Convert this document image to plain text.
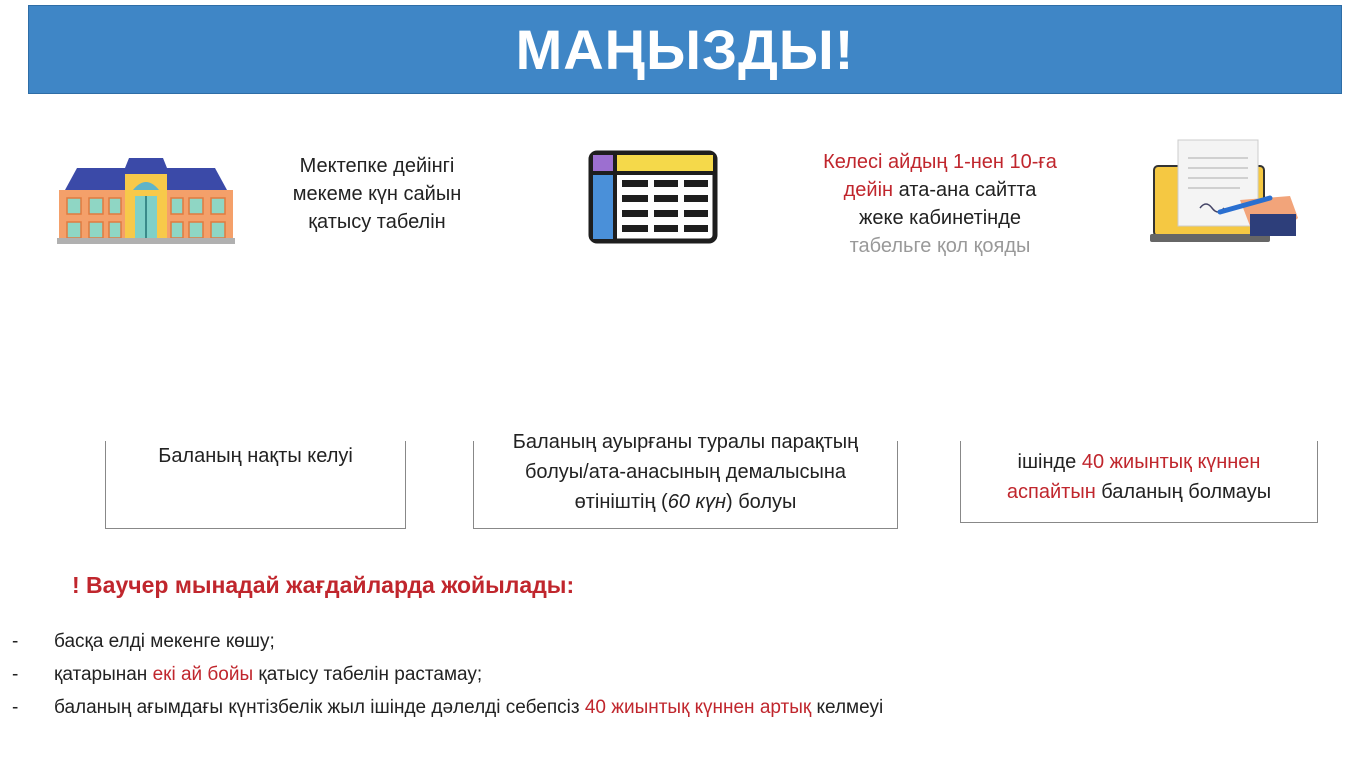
МАҢЫЗДЫ!
Мектепке дейінгі
мекеме күн сайын
қатысу табелін
Келесі айдың 1-нен 10-ға
дейін ата-ана сайтта
жеке кабинетінде
табельге қол қояды
Баланың нақты келуі
Баланың ауырғаны туралы парақтың
болуы/ата-анасының демалысына
өтініштің (60 күн) болуы
ішінде 40 жиынтық күннен
аспайтын баланың болмауы
! Ваучер мынадай жағдайларда жойылады:
-	басқа елді мекенге көшу;
-	қатарынан екі ай бойы қатысу табелін растамау;
-	баланың ағымдағы күнтізбелік жыл ішінде дәлелді себепсіз 40 жиынтық күннен артық келмеуі
